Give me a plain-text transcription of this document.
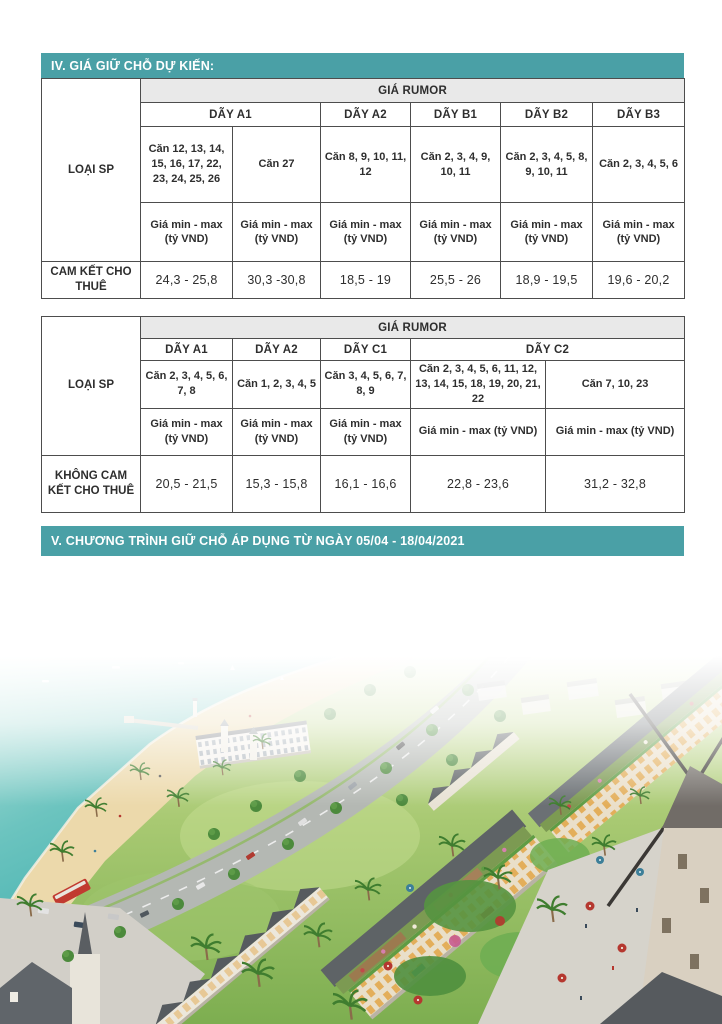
IV. GIÁ GIỮ CHỖ DỰ KIẾN:
LOẠI SP	GIÁ RUMOR					
	DÃY A1		DÃY A2	DÃY B1	DÃY B2	DÃY B3
	Căn 12, 13, 14, 15, 16, 17, 22, 23, 24, 25, 26	Căn 27	Căn 8, 9, 10, 11, 12	Căn 2, 3, 4, 9, 10, 11	Căn 2, 3, 4, 5, 8, 9, 10, 11	Căn 2, 3, 4, 5, 6
	Giá min - max (tỷ VND)	Giá min - max (tỷ VND)	Giá min - max (tỷ VND)	Giá min - max (tỷ VND)	Giá min - max (tỷ VND)	Giá min - max (tỷ VND)
CAM KẾT CHO THUÊ	24,3 - 25,8	30,3 -30,8	18,5 - 19	25,5 - 26	18,9 - 19,5	19,6 - 20,2
LOẠI SP	GIÁ RUMOR				
	DÃY A1	DÃY A2	DÃY C1	DÃY C2	
	Căn 2, 3, 4, 5, 6, 7, 8	Căn 1, 2, 3, 4, 5	Căn 3, 4, 5, 6, 7, 8, 9	Căn 2, 3, 4, 5, 6, 11, 12, 13, 14, 15, 18, 19, 20, 21, 22	Căn 7, 10, 23
	Giá min - max (tỷ VND)	Giá min - max (tỷ VND)	Giá min - max (tỷ VND)	Giá min - max (tỷ VND)	Giá min - max (tỷ VND)
KHÔNG CAM KẾT CHO THUÊ	20,5 - 21,5	15,3 - 15,8	16,1 - 16,6	22,8 - 23,6	31,2 - 32,8
V. CHƯƠNG TRÌNH GIỮ CHỖ ÁP DỤNG TỪ NGÀY 05/04 - 18/04/2021
